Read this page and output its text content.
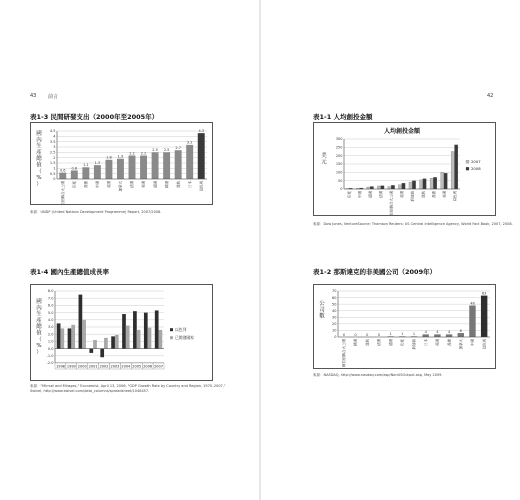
43 前言
表1-3 民間研發支出（2000年至2005年）
0
0.5
1
1.5
2
2.5
3
3.5
4
4.5
0.6
阿拉伯聯合大公國
0.8
印度
1.1
香港
1.3
中國
1.8
英國
1.9
加拿大
2.2
法國
2.2
美國
2.5
德國
2.5
韓國
2.7
瑞典
3.2
日本
4.3
以色列
國內生產總值（%）
來源：UNDP (United Nations Development Programme) Report, 2007/2008.
表1-4 國內生產總值成長率
8.0
7.0
6.0
5.0
4.0
3.0
2.0
1.0
0.0
-1.0
-2.0
1998 1999 2000 2001 2002 2003 2004 2005 2006 2007
以色列
已開發國家
國內生產總值（%）
來源："Mirrsel and Mirages," Economist, April 13, 2006; "GDP Growth Rate by Country and Region, 1970–2007,"
Swivel, http://www.swivel.com/data_columns/spreadsheet/1046457.
42
表1-1 人均創投金額
人均創投金額
0
50
100
150
200
250
300
印度 中國 德國 法國 阿拉伯聯合大公國 英國 新加坡 瑞典 香港 美國 以色列
2007
2008
美元
來源：Dow Jones, VentureSource; Thomson Reuters; US Central Intelligence Agency, World Fact Book, 2007, 2008.
表1-2 那斯達克的非美國公司（2009年）
0
10
20
30
40
50
60
70
0
阿拉伯聯合大公國
0
韓國
0
瑞典
0
法國
1
德國
1
印度
1
新加坡
4
日本
4
英國
4
香港
6
加拿大
48
中國
63
以色列
公司數
來源：NASDAQ, http://www.nasdaq.com/asp/NonUSOutput.asp, May 2009.
